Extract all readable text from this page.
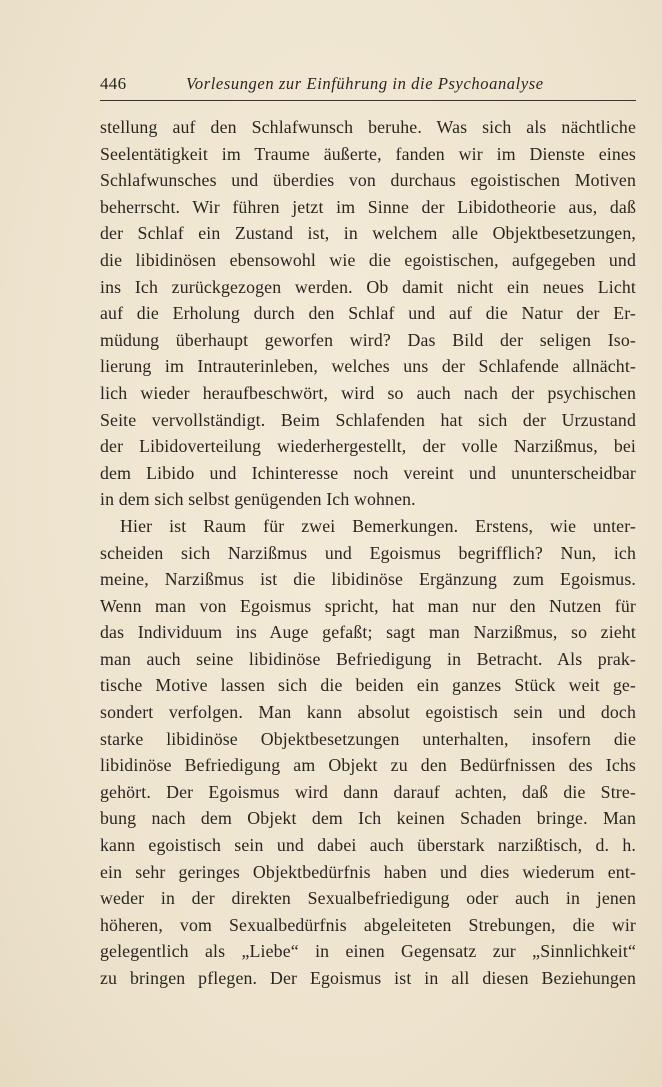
446	Vorlesungen zur Einführung in die Psychoanalyse
stellung auf den Schlafwunsch beruhe. Was sich als nächtliche
Seelentätigkeit im Traume äußerte, fanden wir im Dienste eines
Schlafwunsches und überdies von durchaus egoistischen Motiven
beherrscht. Wir führen jetzt im Sinne der Libidotheorie aus, daß
der Schlaf ein Zustand ist, in welchem alle Objektbesetzungen,
die libidinösen ebensowohl wie die egoistischen, aufgegeben und
ins Ich zurückgezogen werden. Ob damit nicht ein neues Licht
auf die Erholung durch den Schlaf und auf die Natur der Er-
müdung überhaupt geworfen wird? Das Bild der seligen Iso-
lierung im Intrauterinleben, welches uns der Schlafende allnächt-
lich wieder heraufbeschwört, wird so auch nach der psychischen
Seite vervollständigt. Beim Schlafenden hat sich der Urzustand
der Libidoverteilung wiederhergestellt, der volle Narzißmus, bei
dem Libido und Ichinteresse noch vereint und ununterscheidbar
in dem sich selbst genügenden Ich wohnen.
Hier ist Raum für zwei Bemerkungen. Erstens, wie unter-
scheiden sich Narzißmus und Egoismus begrifflich? Nun, ich
meine, Narzißmus ist die libidinöse Ergänzung zum Egoismus.
Wenn man von Egoismus spricht, hat man nur den Nutzen für
das Individuum ins Auge gefaßt; sagt man Narzißmus, so zieht
man auch seine libidinöse Befriedigung in Betracht. Als prak-
tische Motive lassen sich die beiden ein ganzes Stück weit ge-
sondert verfolgen. Man kann absolut egoistisch sein und doch
starke libidinöse Objektbesetzungen unterhalten, insofern die
libidinöse Befriedigung am Objekt zu den Bedürfnissen des Ichs
gehört. Der Egoismus wird dann darauf achten, daß die Stre-
bung nach dem Objekt dem Ich keinen Schaden bringe. Man
kann egoistisch sein und dabei auch überstark narzißtisch, d. h.
ein sehr geringes Objektbedürfnis haben und dies wiederum ent-
weder in der direkten Sexualbefriedigung oder auch in jenen
höheren, vom Sexualbedürfnis abgeleiteten Strebungen, die wir
gelegentlich als „Liebe“ in einen Gegensatz zur „Sinnlichkeit“
zu bringen pflegen. Der Egoismus ist in all diesen Beziehungen
